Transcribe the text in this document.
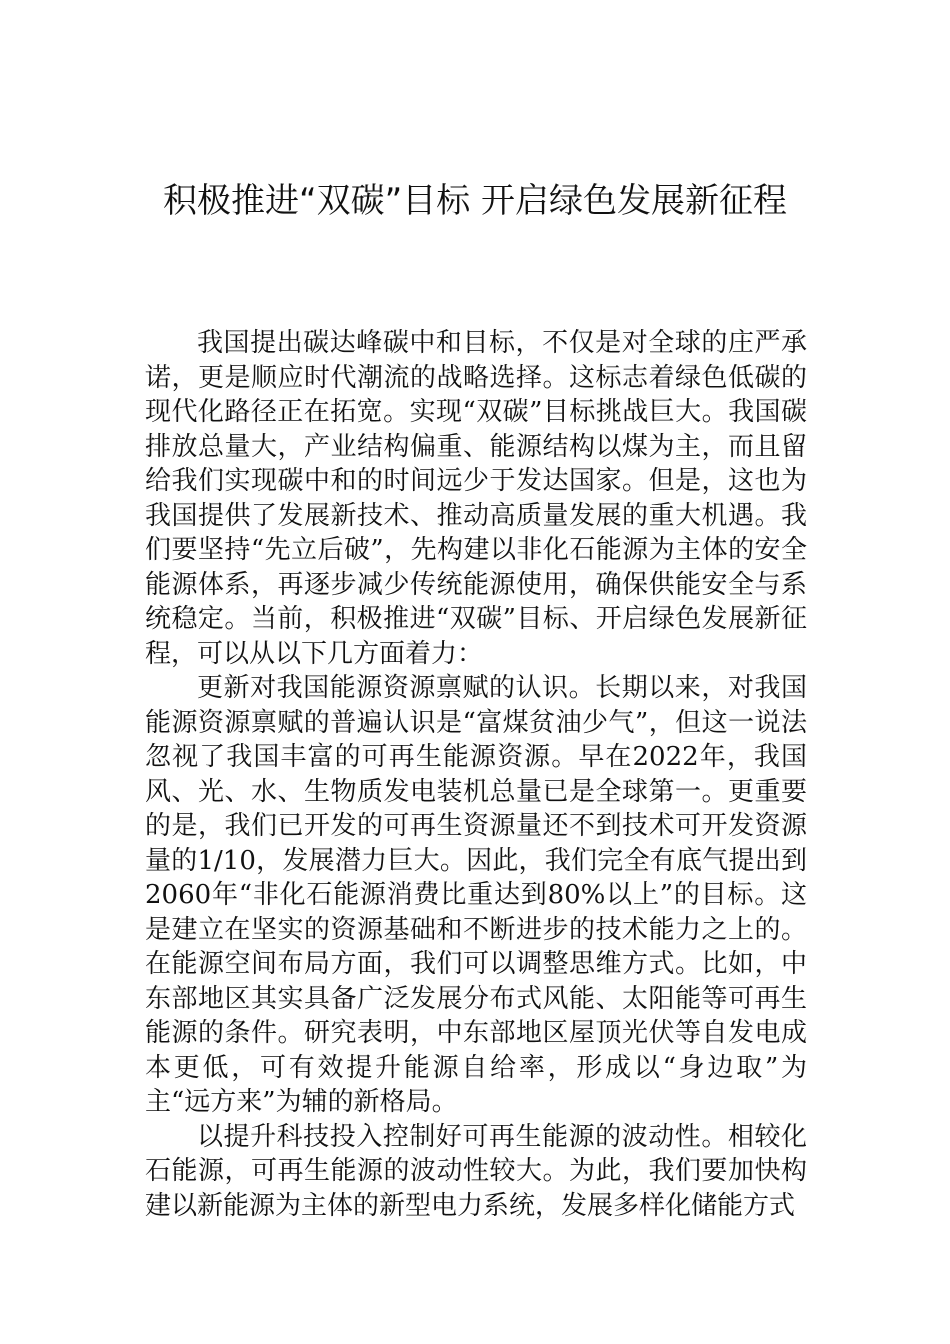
积极推进“双碳”目标 开启绿色发展新征程

我国提出碳达峰碳中和目标，不仅是对全球的庄严承诺，更是顺应时代潮流的战略选择。这标志着绿色低碳的现代化路径正在拓宽。实现“双碳”目标挑战巨大。我国碳排放总量大，产业结构偏重、能源结构以煤为主，而且留给我们实现碳中和的时间远少于发达国家。但是，这也为我国提供了发展新技术、推动高质量发展的重大机遇。我们要坚持“先立后破”，先构建以非化石能源为主体的安全能源体系，再逐步减少传统能源使用，确保供能安全与系统稳定。当前，积极推进“双碳”目标、开启绿色发展新征程，可以从以下几方面着力：

更新对我国能源资源禀赋的认识。长期以来，对我国能源资源禀赋的普遍认识是“富煤贫油少气”，但这一说法忽视了我国丰富的可再生能源资源。早在2022年，我国风、光、水、生物质发电装机总量已是全球第一。更重要的是，我们已开发的可再生资源量还不到技术可开发资源量的1/10，发展潜力巨大。因此，我们完全有底气提出到2060年“非化石能源消费比重达到80%以上”的目标。这是建立在坚实的资源基础和不断进步的技术能力之上的。在能源空间布局方面，我们可以调整思维方式。比如，中东部地区其实具备广泛发展分布式风能、太阳能等可再生能源的条件。研究表明，中东部地区屋顶光伏等自发电成本更低，可有效提升能源自给率，形成以“身边取”为主“远方来”为辅的新格局。

以提升科技投入控制好可再生能源的波动性。相较化石能源，可再生能源的波动性较大。为此，我们要加快构建以新能源为主体的新型电力系统，发展多样化储能方式
